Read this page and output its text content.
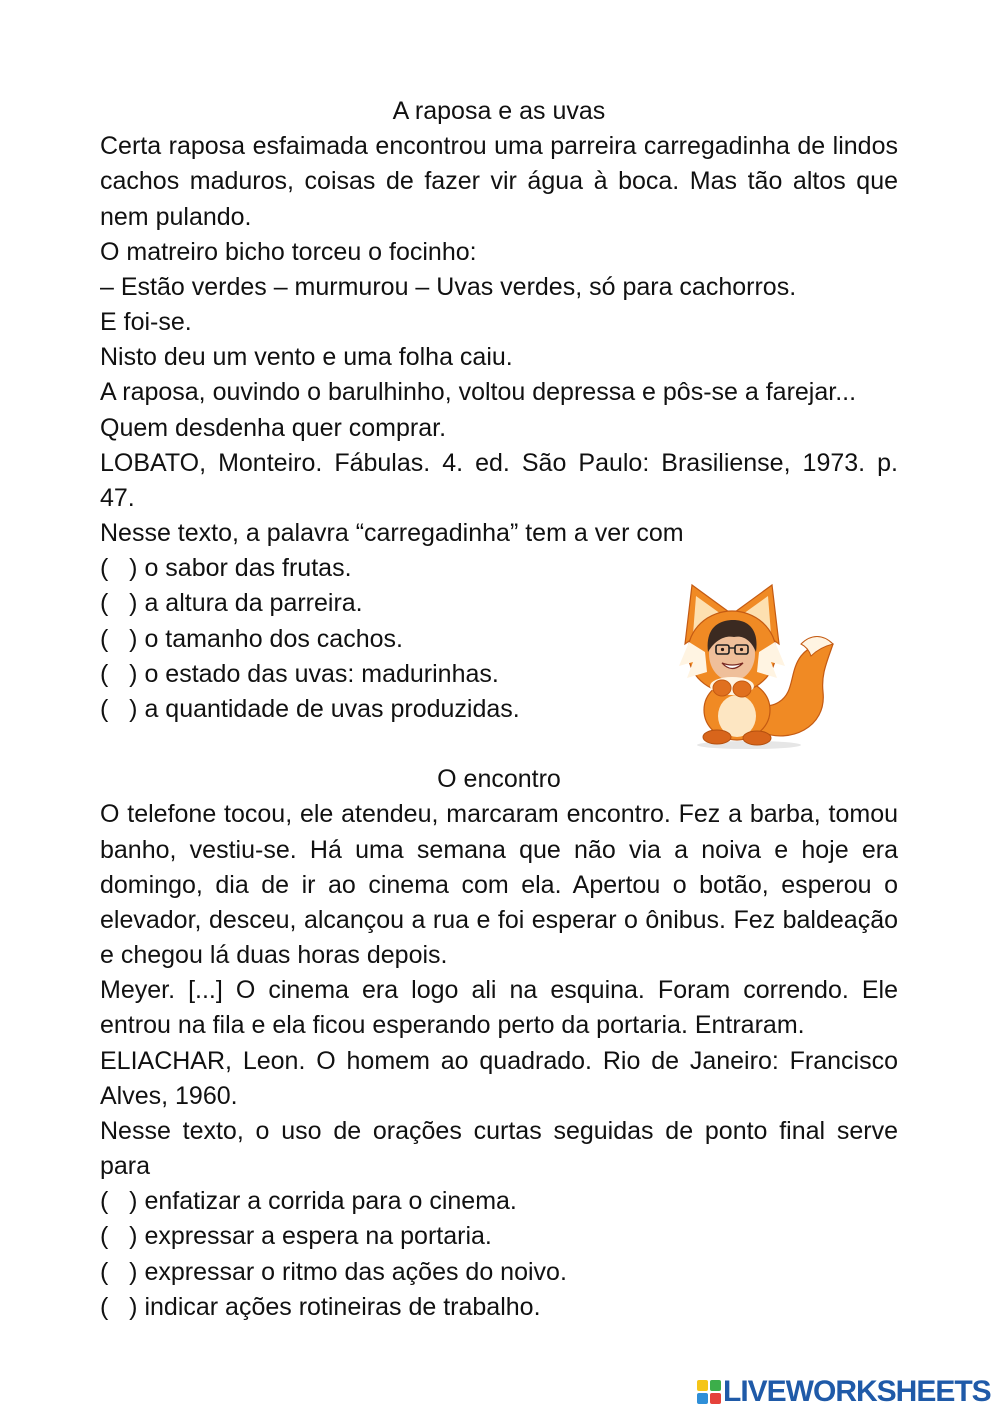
A raposa e as uvas
Certa raposa esfaimada encontrou uma parreira carregadinha de lindos
cachos maduros, coisas de fazer vir água à boca. Mas tão altos que
nem pulando.
O matreiro bicho torceu o focinho:
– Estão verdes – murmurou – Uvas verdes, só para cachorros.
E foi-se.
Nisto deu um vento e uma folha caiu.
A raposa, ouvindo o barulhinho, voltou depressa e pôs-se a farejar...
Quem desdenha quer comprar.
LOBATO, Monteiro. Fábulas. 4. ed. São Paulo: Brasiliense, 1973. p.
47.
Nesse texto, a palavra “carregadinha” tem a ver com
(   ) o sabor das frutas.
(   ) a altura da parreira.
(   ) o tamanho dos cachos.
(   ) o estado das uvas: madurinhas.
(   ) a quantidade de uvas produzidas.
O encontro
O telefone tocou, ele atendeu, marcaram encontro. Fez a barba, tomou
banho, vestiu-se. Há uma semana que não via a noiva e hoje era
domingo, dia de ir ao cinema com ela. Apertou o botão, esperou o
elevador, desceu, alcançou a rua e foi esperar o ônibus. Fez baldeação
e chegou lá duas horas depois.
Meyer. [...] O cinema era logo ali na esquina. Foram correndo. Ele
entrou na fila e ela ficou esperando perto da portaria. Entraram.
ELIACHAR, Leon. O homem ao quadrado. Rio de Janeiro: Francisco
Alves, 1960.
Nesse texto, o uso de orações curtas seguidas de ponto final serve
para
(   ) enfatizar a corrida para o cinema.
(   ) expressar a espera na portaria.
(   ) expressar o ritmo das ações do noivo.
(   ) indicar ações rotineiras de trabalho.
LIVEWORKSHEETS
